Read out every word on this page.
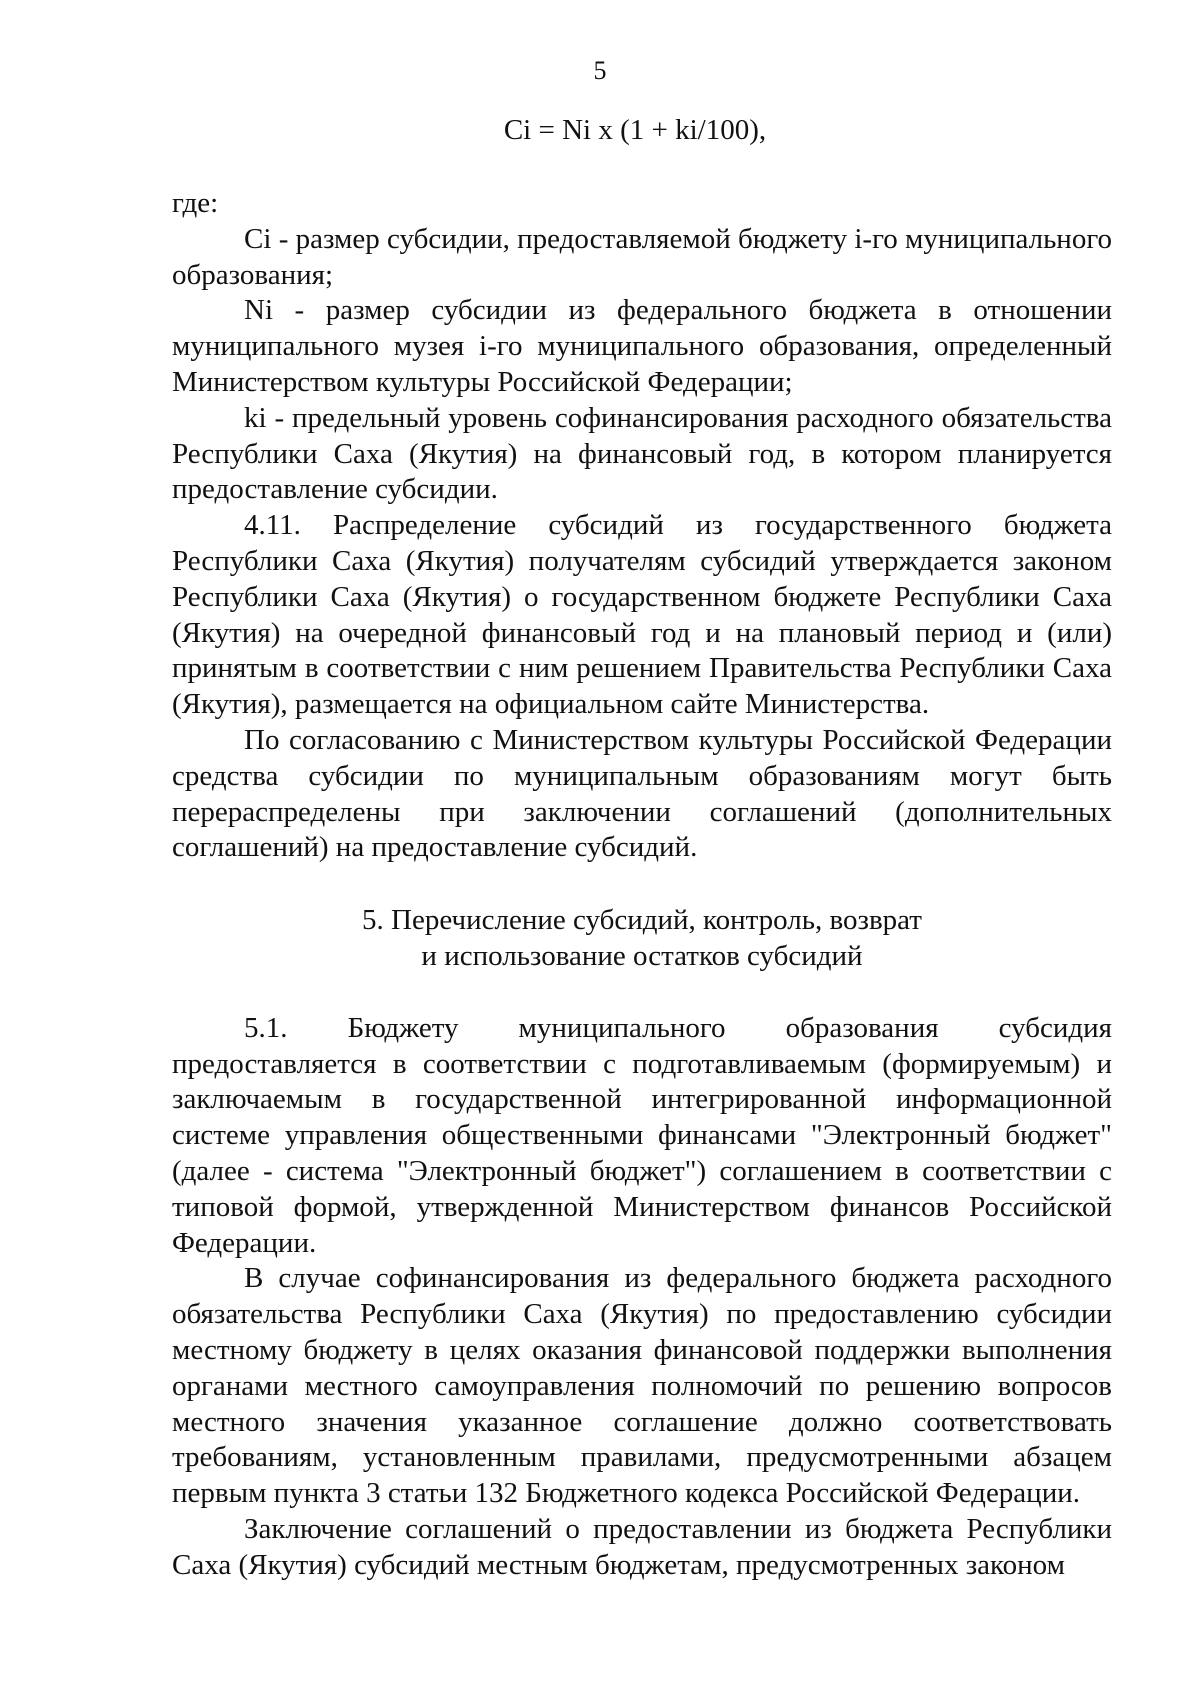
5
Ci = Ni x (1 + ki/100),

где:

Ci - размер субсидии, предоставляемой бюджету i-го муниципального образования;

Ni - размер субсидии из федерального бюджета в отношении муниципального музея i-го муниципального образования, определенный Министерством культуры Российской Федерации;

ki - предельный уровень софинансирования расходного обязательства Республики Саха (Якутия) на финансовый год, в котором планируется предоставление субсидии.

4.11. Распределение субсидий из государственного бюджета Республики Саха (Якутия) получателям субсидий утверждается законом Республики Саха (Якутия) о государственном бюджете Республики Саха (Якутия) на очередной финансовый год и на плановый период и (или) принятым в соответствии с ним решением Правительства Республики Саха (Якутия), размещается на официальном сайте Министерства.

По согласованию с Министерством культуры Российской Федерации средства субсидии по муниципальным образованиям могут быть перераспределены при заключении соглашений (дополнительных соглашений) на предоставление субсидий.

5. Перечисление субсидий, контроль, возврат
и использование остатков субсидий

5.1. Бюджету муниципального образования субсидия предоставляется в соответствии с подготавливаемым (формируемым) и заключаемым в государственной интегрированной информационной системе управления общественными финансами "Электронный бюджет" (далее - система "Электронный бюджет") соглашением в соответствии с типовой формой, утвержденной Министерством финансов Российской Федерации.

В случае софинансирования из федерального бюджета расходного обязательства Республики Саха (Якутия) по предоставлению субсидии местному бюджету в целях оказания финансовой поддержки выполнения органами местного самоуправления полномочий по решению вопросов местного значения указанное соглашение должно соответствовать требованиям, установленным правилами, предусмотренными абзацем первым пункта 3 статьи 132 Бюджетного кодекса Российской Федерации.

Заключение соглашений о предоставлении из бюджета Республики Саха (Якутия) субсидий местным бюджетам, предусмотренных законом
